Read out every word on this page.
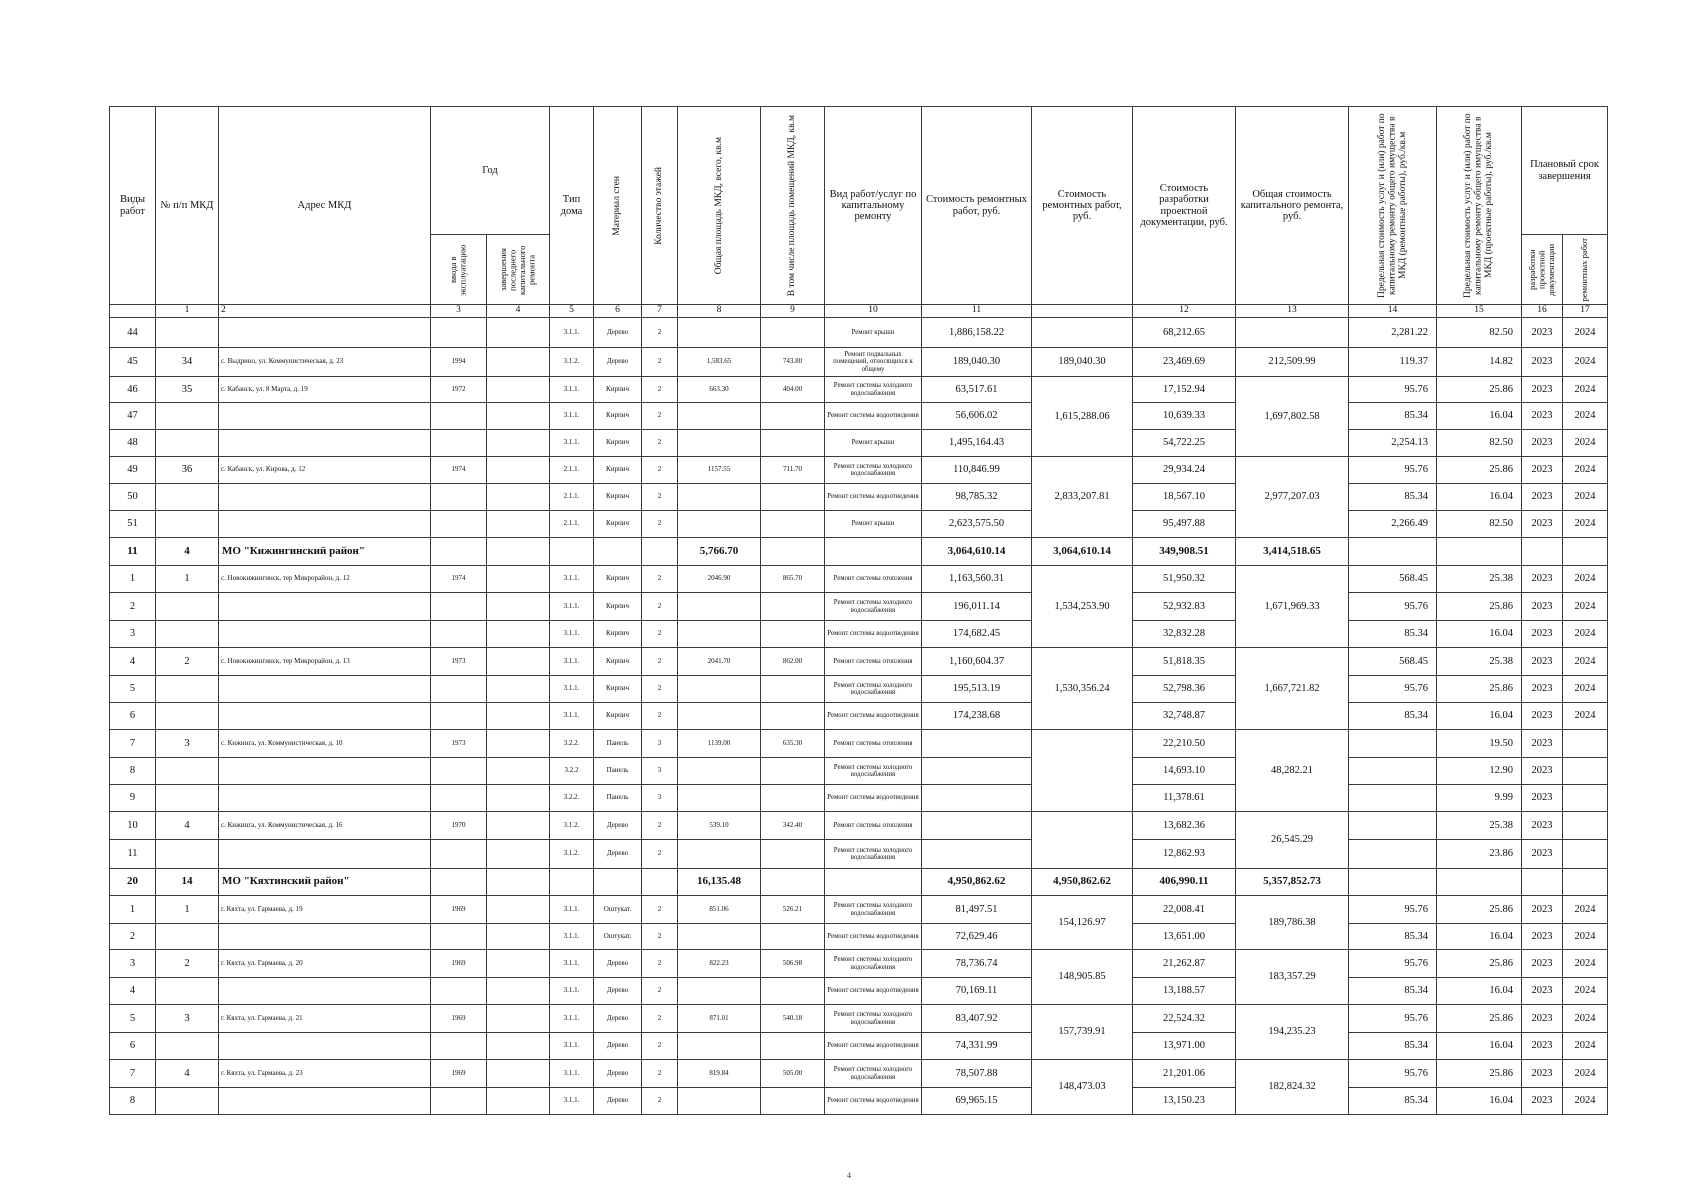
Виды работ	№ п/п МКД	Адрес МКД	Год		Тип дома	Материал стен	Количество этажей	Общая площадь МКД, всего, кв.м	В том числе площадь помещений МКД, кв.м	Вид работ/услуг по капитальному ремонту	Стоимость ремонтных работ, руб.	Стоимость ремонтных работ, руб.	Стоимость разработки проектной документации, руб.	Общая стоимость капитального ремонта, руб.	Предельная стоимость услуг и (или) работ по капитальному ремонту общего имущества в МКД (ремонтные работы), руб./кв.м	Предельная стоимость услуг и (или) работ по капитальному ремонту общего имущества в МКД (проектные работы), руб./кв.м	Плановый срок завершения	

			ввода в эксплуатацию	завершения последнего капитального ремонта													разработки проектной документации	ремонтных работ

	1	2	3	4	5	6	7	8	9	10	11		12	13	14	15	16	17
44					3.1.1.	Дерево	2			Ремонт крыши	1,886,158.22		68,212.65		2,281.22	82.50	2023	2024
45	34	с. Выдрино, ул. Коммунистическая, д. 23	1994		3.1.2.	Дерево	2	1,583.65	743.80	Ремонт подвальных помещений, относящихся к общему	189,040.30	189,040.30	23,469.69	212,509.99	119.37	14.82	2023	2024
46	35	с. Кабанск, ул. 8 Марта, д. 19	1972		3.1.1.	Кирпич	2	663.30	404.00	Ремонт системы холодного водоснабжения	63,517.61	1,615,288.06	17,152.94	1,697,802.58	95.76	25.86	2023	2024
47					3.1.1.	Кирпич	2			Ремонт системы водоотведения	56,606.02		10,639.33		85.34	16.04	2023	2024
48					3.1.1.	Кирпич	2			Ремонт крыши	1,495,164.43		54,722.25		2,254.13	82.50	2023	2024
49	36	с. Кабанск, ул. Кирова, д. 12	1974		2.1.1.	Кирпич	2	1157.55	711.70	Ремонт системы холодного водоснабжения	110,846.99	2,833,207.81	29,934.24	2,977,207.03	95.76	25.86	2023	2024
50					2.1.1.	Кирпич	2			Ремонт системы водоотведения	98,785.32		18,567.10		85.34	16.04	2023	2024
51					2.1.1.	Кирпич	2			Ремонт крыши	2,623,575.50		95,497.88		2,266.49	82.50	2023	2024
11	4	МО "Кижингинский район"						5,766.70			3,064,610.14	3,064,610.14	349,908.51	3,414,518.65				
1	1	с. Новокижингинск, тер Микрорайон, д. 12	1974		3.1.1.	Кирпич	2	2046.90	865.70	Ремонт системы отопления	1,163,560.31	1,534,253.90	51,950.32	1,671,969.33	568.45	25.38	2023	2024
2					3.1.1.	Кирпич	2			Ремонт системы холодного водоснабжения	196,011.14		52,932.83		95.76	25.86	2023	2024
3					3.1.1.	Кирпич	2			Ремонт системы водоотведения	174,682.45		32,832.28		85.34	16.04	2023	2024
4	2	с. Новокижингинск, тер Микрорайон, д. 13	1973		3.1.1.	Кирпич	2	2041.70	862.00	Ремонт системы отопления	1,160,604.37	1,530,356.24	51,818.35	1,667,721.82	568.45	25.38	2023	2024
5					3.1.1.	Кирпич	2			Ремонт системы холодного водоснабжения	195,513.19		52,798.36		95.76	25.86	2023	2024
6					3.1.1.	Кирпич	2			Ремонт системы водоотведения	174,238.68		32,748.87		85.34	16.04	2023	2024
7	3	с. Кижинга, ул. Коммунистическая, д. 10	1973		3.2.2.	Панель	3	1139.00	635.30	Ремонт системы отопления			22,210.50	48,282.21		19.50	2023	
8					3.2.2	Панель	3			Ремонт системы холодного водоснабжения			14,693.10			12.90	2023	
9					3.2.2.	Панель	3			Ремонт системы водоотведения			11,378.61			9.99	2023	
10	4	с. Кижинга, ул. Коммунистическая, д. 16	1970		3.1.2.	Дерево	2	539.10	342.40	Ремонт системы отопления			13,682.36	26,545.29		25.38	2023	
11					3.1.2.	Дерево	2			Ремонт системы холодного водоснабжения			12,862.93			23.86	2023	
20	14	МО "Кяхтинский район"						16,135.48			4,950,862.62	4,950,862.62	406,990.11	5,357,852.73				
1	1	г. Кяхта, ул. Гармаева, д. 19	1969		3.1.1.	Оштукат.	2	851.06	526.21	Ремонт системы холодного водоснабжения	81,497.51	154,126.97	22,008.41	189,786.38	95.76	25.86	2023	2024
2					3.1.1.	Оштукат.	2			Ремонт системы водоотведения	72,629.46		13,651.00		85.34	16.04	2023	2024
3	2	г. Кяхта, ул. Гармаева, д. 20	1969		3.1.1.	Дерево	2	822.23	506.98	Ремонт системы холодного водоснабжения	78,736.74	148,905.85	21,262.87	183,357.29	95.76	25.86	2023	2024
4					3.1.1.	Дерево	2			Ремонт системы водоотведения	70,169.11		13,188.57		85.34	16.04	2023	2024
5	3	г. Кяхта, ул. Гармаева, д. 21	1969		3.1.1.	Дерево	2	871.01	540.18	Ремонт системы холодного водоснабжения	83,407.92	157,739.91	22,524.32	194,235.23	95.76	25.86	2023	2024
6					3.1.1.	Дерево	2			Ремонт системы водоотведения	74,331.99		13,971.00		85.34	16.04	2023	2024
7	4	г. Кяхта, ул. Гармаева, д. 23	1969		3.1.1.	Дерево	2	819.84	505.00	Ремонт системы холодного водоснабжения	78,507.88	148,473.03	21,201.06	182,824.32	95.76	25.86	2023	2024
8					3.1.1.	Дерево	2			Ремонт системы водоотведения	69,965.15		13,150.23		85.34	16.04	2023	2024
4
